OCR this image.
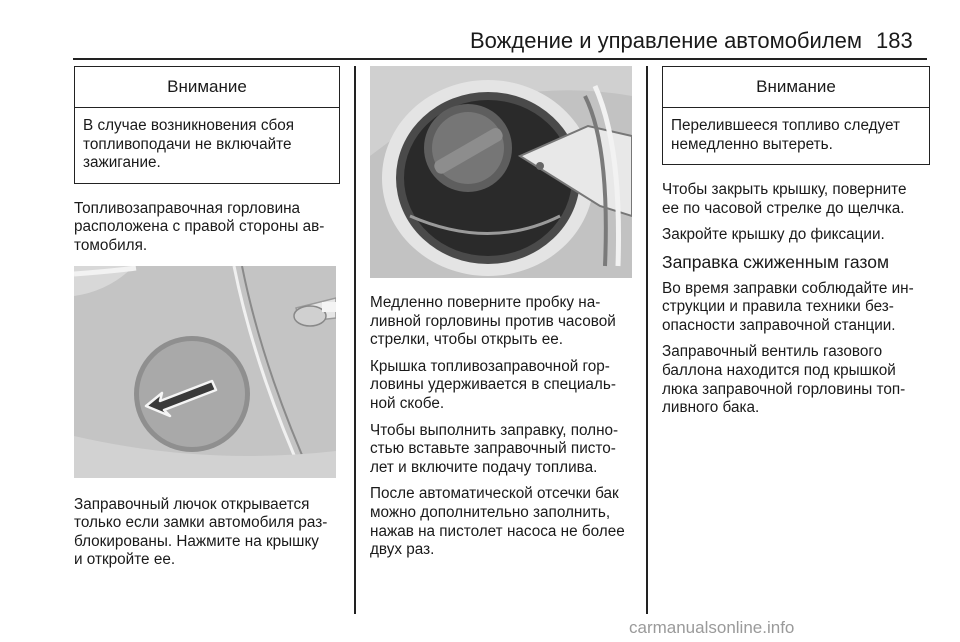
Вождение и управление автомобилем 183
Внимание
В случае возникновения сбоя
топливоподачи не включайте
зажигание.

Топливозаправочная горловина
расположена с правой стороны ав-
томобиля.

Заправочный лючок открывается
только если замки автомобиля раз-
блокированы. Нажмите на крышку
и откройте ее.

Медленно поверните пробку на-
ливной горловины против часовой
стрелки, чтобы открыть ее.

Крышка топливозаправочной гор-
ловины удерживается в специаль-
ной скобе.

Чтобы выполнить заправку, полно-
стью вставьте заправочный писто-
лет и включите подачу топлива.

После автоматической отсечки бак
можно дополнительно заполнить,
нажав на пистолет насоса не более
двух раз.

Внимание
Перелившееся топливо следует
немедленно вытереть.

Чтобы закрыть крышку, поверните
ее по часовой стрелке до щелчка.

Закройте крышку до фиксации.

Заправка сжиженным газом

Во время заправки соблюдайте ин-
струкции и правила техники без-
опасности заправочной станции.

Заправочный вентиль газового
баллона находится под крышкой
люка заправочной горловины топ-
ливного бака.

carmanualsonline.info
